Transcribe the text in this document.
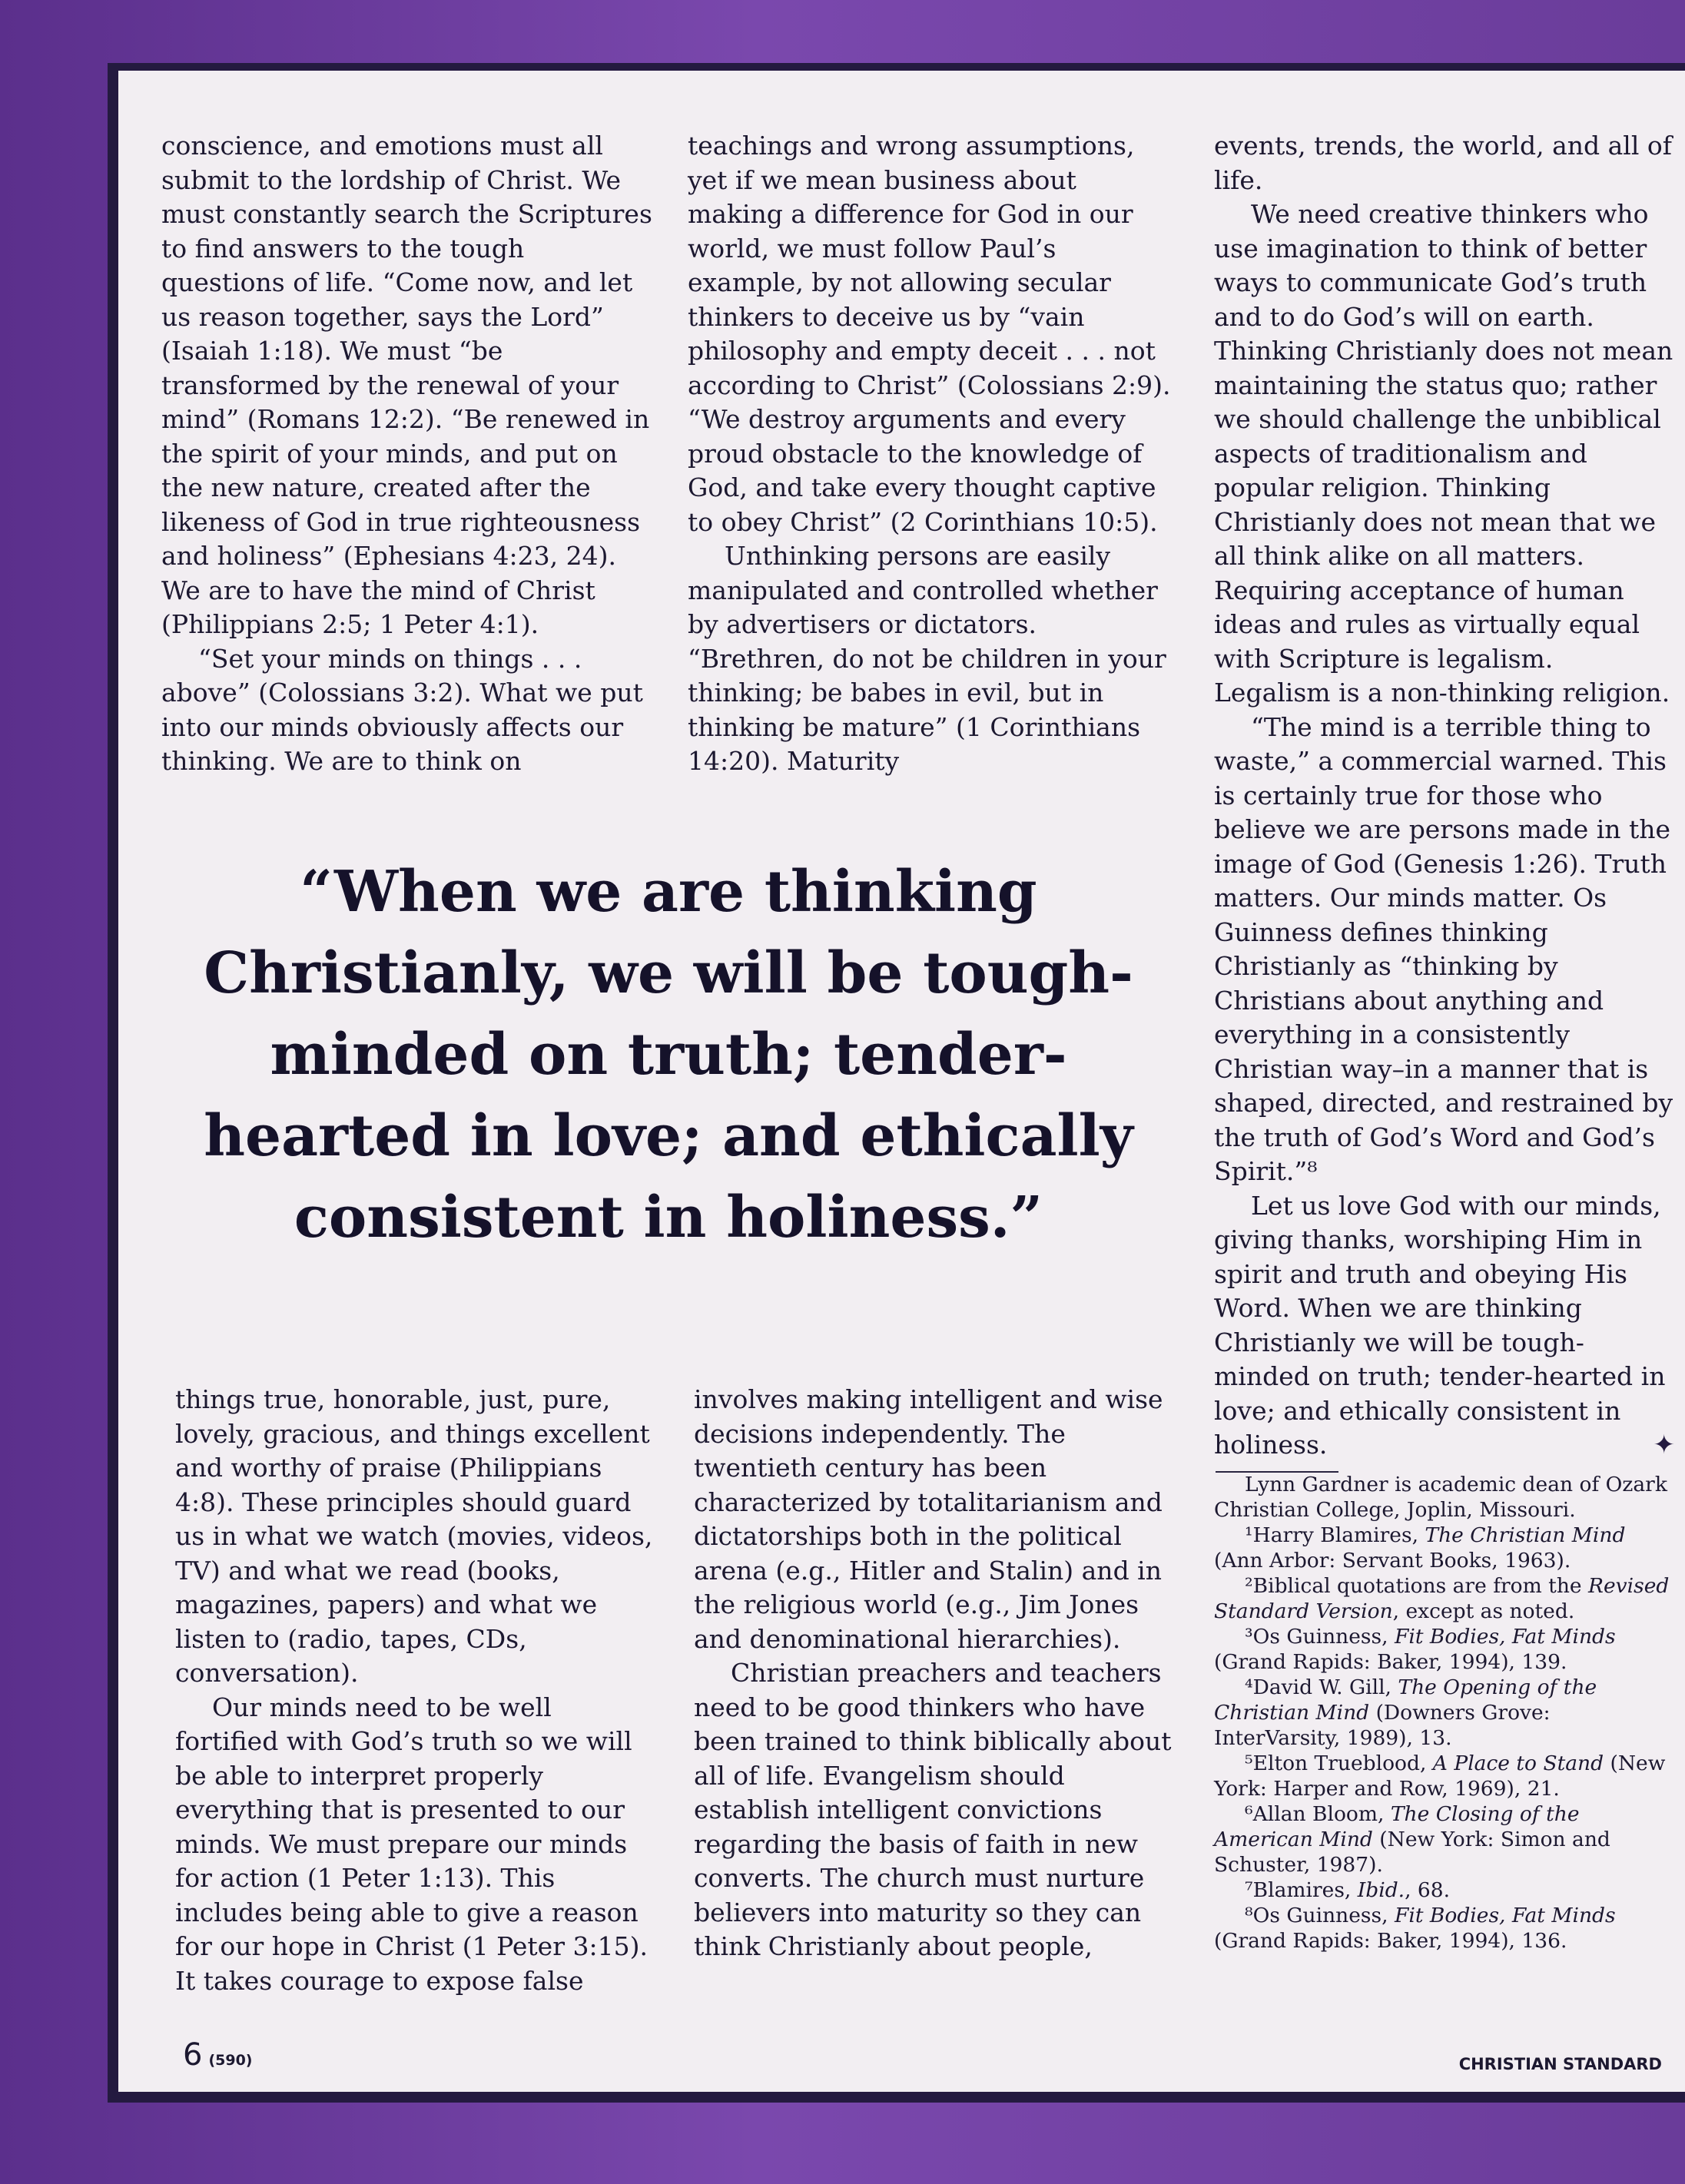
conscience, and emotions must all submit to the lordship of Christ. We must constantly search the Scriptures to find answers to the tough questions of life. “Come now, and let us reason together, says the Lord” (Isaiah 1:18). We must “be transformed by the renewal of your mind” (Romans 12:2). “Be renewed in the spirit of your minds, and put on the new nature, created after the likeness of God in true righteousness and holiness” (Ephesians 4:23, 24). We are to have the mind of Christ (Philippians 2:5; 1 Peter 4:1).

“Set your minds on things . . . above” (Colossians 3:2). What we put into our minds obviously affects our thinking. We are to think on

teachings and wrong assumptions, yet if we mean business about making a difference for God in our world, we must follow Paul’s example, by not allowing secular thinkers to deceive us by “vain philosophy and empty deceit . . . not according to Christ” (Colossians 2:9). “We destroy arguments and every proud obstacle to the knowledge of God, and take every thought captive to obey Christ” (2 Corinthians 10:5).

Unthinking persons are easily manipulated and controlled whether by advertisers or dictators. “Brethren, do not be children in your thinking; be babes in evil, but in thinking be mature” (1 Corinthians 14:20). Maturity

events, trends, the world, and all of life.

We need creative thinkers who use imagination to think of better ways to communicate God’s truth and to do God’s will on earth. Thinking Christianly does not mean maintaining the status quo; rather we should challenge the unbiblical aspects of traditionalism and popular religion. Thinking Christianly does not mean that we all think alike on all matters. Requiring acceptance of human ideas and rules as virtually equal with Scripture is legalism. Legalism is a non-thinking religion.

“The mind is a terrible thing to waste,” a commercial warned. This is certainly true for those who believe we are persons made in the image of God (Genesis 1:26). Truth matters. Our minds matter. Os Guinness defines thinking Christianly as “thinking by Christians about anything and everything in a consistently Christian way–in a manner that is shaped, directed, and restrained by the truth of God’s Word and God’s Spirit.”⁸

Let us love God with our minds, giving thanks, worshiping Him in spirit and truth and obeying His Word. When we are thinking Christianly we will be tough-minded on truth; tender-hearted in love; and ethically consistent in holiness.	✦

“When we are thinking Christianly, we will be tough-minded on truth; tender-hearted in love; and ethically consistent in holiness.”

things true, honorable, just, pure, lovely, gracious, and things excellent and worthy of praise (Philippians 4:8). These principles should guard us in what we watch (movies, videos, TV) and what we read (books, magazines, papers) and what we listen to (radio, tapes, CDs, conversation).

Our minds need to be well fortified with God’s truth so we will be able to interpret properly everything that is presented to our minds. We must prepare our minds for action (1 Peter 1:13). This includes being able to give a reason for our hope in Christ (1 Peter 3:15). It takes courage to expose false

involves making intelligent and wise decisions independently. The twentieth century has been characterized by totalitarianism and dictatorships both in the political arena (e.g., Hitler and Stalin) and in the religious world (e.g., Jim Jones and denominational hierarchies).

Christian preachers and teachers need to be good thinkers who have been trained to think biblically about all of life. Evangelism should establish intelligent convictions regarding the basis of faith in new converts. The church must nurture believers into maturity so they can think Christianly about people,

Lynn Gardner is academic dean of Ozark Christian College, Joplin, Missouri.

¹Harry Blamires, The Christian Mind (Ann Arbor: Servant Books, 1963).

²Biblical quotations are from the Revised Standard Version, except as noted.

³Os Guinness, Fit Bodies, Fat Minds (Grand Rapids: Baker, 1994), 139.

⁴David W. Gill, The Opening of the Christian Mind (Downers Grove: InterVarsity, 1989), 13.

⁵Elton Trueblood, A Place to Stand (New York: Harper and Row, 1969), 21.

⁶Allan Bloom, The Closing of the American Mind (New York: Simon and Schuster, 1987).

⁷Blamires, Ibid., 68.

⁸Os Guinness, Fit Bodies, Fat Minds (Grand Rapids: Baker, 1994), 136.

6 (590)	CHRISTIAN STANDARD
